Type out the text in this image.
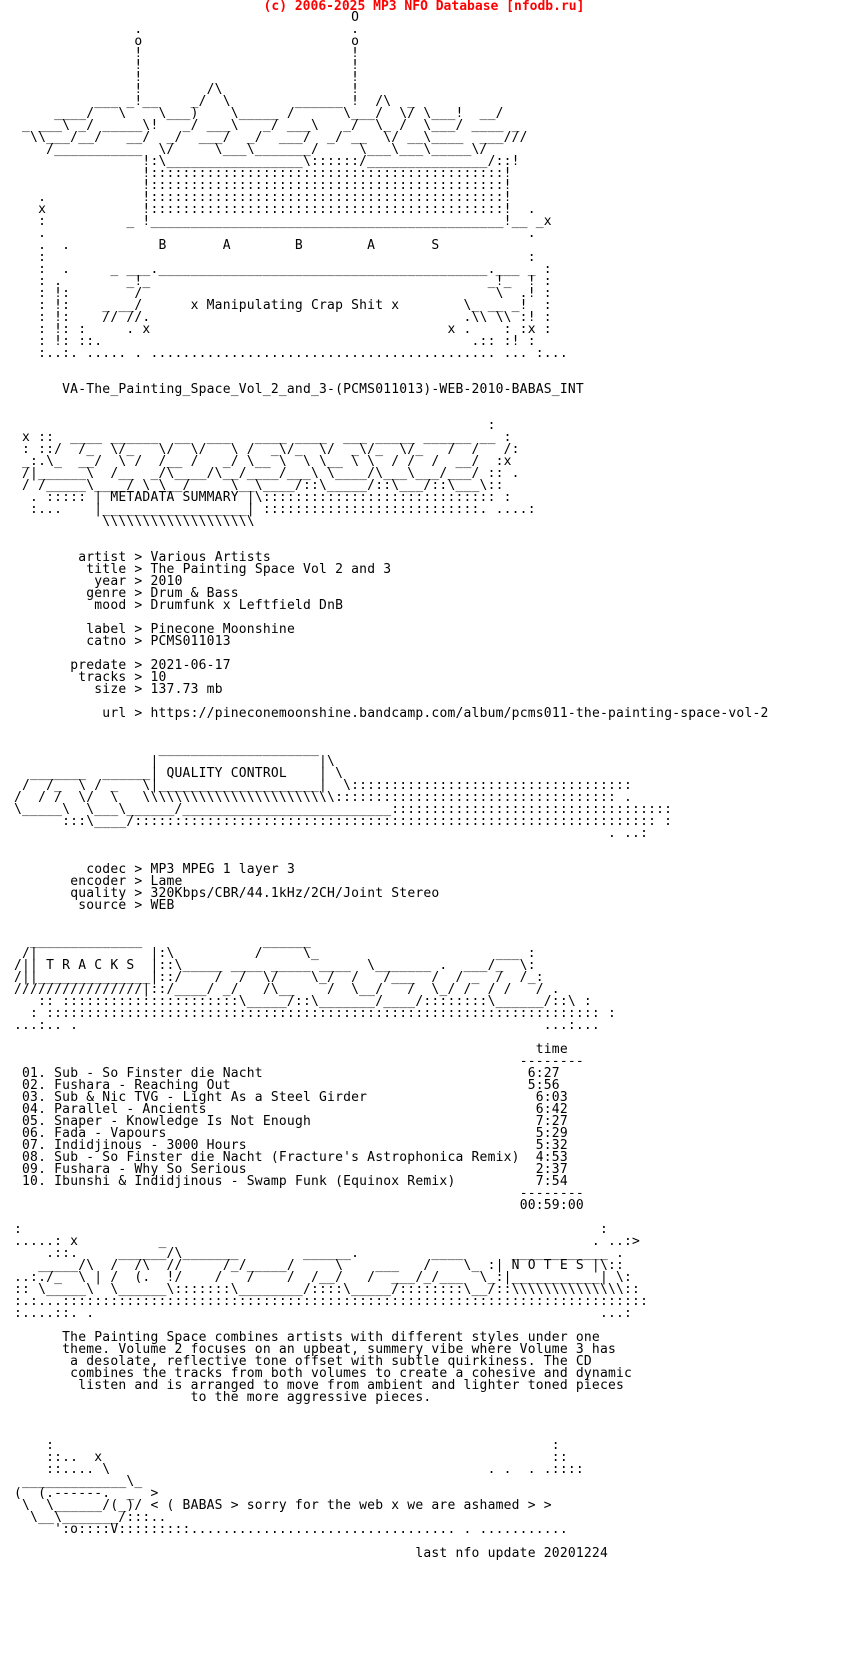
(c) 2006-2025 MP3 NFO Database [nfodb.ru]
O
.                          .
o                          o
!                          !
!                          !
!                          !
!        /\                !
___ _!__    _/  \        ______ !  /\  _
____/   \    \___)    \_____ /      \___/  \/ \___!  __/
_ ___\ _/ _____\!   _/ ___\   _/ ___\   _/  \_ /  \___/ ____ _
\\___/__/   __/  _/  ___/  _/  ___/  _/ __  \/ __\____  ___///
/___________  \/     \___\_______/     \___\___\_____\/
!:\_________________\::::::/_______________/::!
!::::::::::::::::::::::::::::::::::::::::::::!
!::::::::::::::::::::::::::::::::::::::::::::!
.            !::::::::::::::::::::::::::::::::::::::::::::!
x            !::::::::::::::::::::::::::::::::::::::::::::!  .
:          _ !____________________________________________!__ _x
.                                                            .
.  .           B       A        B        A       S
:                                                            :
:  .     _ ___._________________________________________.___ _ :
: .        _!_                                          _!_  ! :
: !:        /                                            \  .! :
: !:    _ __/      x Manipulating Crap Shit x        \_ __ _!  :
: !:    // //.                                       .\\ \\ :! :
: !: :     . x                                     x .    : :x :
: !: ::.                                              .:: :! :
:..:. ..... . ........................................... ... :...

VA-The_Painting_Space_Vol_2_and_3-(PCMS011013)-WEB-2010-BABAS_INT

:
x ::  ____ ______  __  ___   ____ ____  ___ _____ ______ __ :
: ::/  /_  \/_   \/  \/   \ /  _\/_  \/  _\/_  \/_   /  /   /:
_:.\_  __/  \ /  /__ /   _/ \__ \  \ \__ \ \  / /  /  __/  :x
/|______\  /__  _/\____/\__/____/___\ \____/\___\___/___/ :: .
/ /_____\____/ \ \__/     \__\____/::\_____/::\___/::\___\::
. ::::: | METADATA SUMMARY |\::::::::::::::::::::::::::::: :
:...    |__________________| :::::::::::::::::::::::::::. ....:
\\\\\\\\\\\\\\\\\\\

artist > Various Artists
title > The Painting Space Vol 2 and 3
year > 2010
genre > Drum & Bass
mood > Drumfunk x Leftfield DnB

label > Pinecone Moonshine
catno > PCMS011013

predate > 2021-06-17
tracks > 10
size > 137.73 mb

url > https://pineconemoonshine.bandcamp.com/album/pcms011-the-painting-space-vol-2

____________________
|                    |\
_______  ______| QUALITY CONTROL    | \
/  /_  \ / _   \|____________________|  \:::::::::::::::::::::::::::::::::::
/  / /  \/  \   \\\\\\\\\\\\\\\\\\\\\\\\::::::::::::::::::::::::::::::::::: .
\_____\  \___\______/__________________________:::::::::::::::::::::::::::::::::::
:::\____/::::::::::::::::::::::::::::::::::::::::::::::::::::::::::::::::: :
. ..:

codec > MP3 MPEG 1 layer 3
encoder > Lame
quality > 320Kbps/CBR/44.1kHz/2CH/Joint Stereo
source > WEB

______________               ______
/|              |:\          /     \_                      ___ :
/|| T R A C K S  |::\_____ ____ _____ ____  \_______ .  ___/_  \:
/||______________|::/    /  /  \/    \_/  /   /___  /  / _  /  /_:
////////////////|::/____/ _/   /\__    /  \__/   /  \_/ /  / /   / .
:: ::::::::::::::::::::::\_____/::\_______/____/::::::::\______/::\ :
: ::::::::::::::::::::::::::::::::::::::::::::::::::::::::::::::::::::: :
...:.. .                                                          ...:...

time
--------
01. Sub - So Finster die Nacht                                 6:27
02. Fushara - Reaching Out                                     5:56
03. Sub & Nic TVG - Light As a Steel Girder                     6:03
04. Parallel - Ancients                                         6:42
05. Snaper - Knowledge Is Not Enough                            7:27
06. Fada - Vapours                                              5:29
07. Indidjinous - 3000 Hours                                    5:32
08. Sub - So Finster die Nacht (Fracture's Astrophonica Remix)  4:53
09. Fushara - Why So Serious                                    2:37
10. Ibunshi & Indidjinous - Swamp Funk (Equinox Remix)          7:54
--------
00:59:00

:                                                                        :
.....: x          _                                                     . ..:>
.::.     ______/\_______        ______.         ____      ____________ .
_____/\  /  /\  //     /_/_____/     \    ___   /    \_ :| N O T E S |\::
..:./_  \ | /  (.  !/    /   /    /  /__/   /  ___/_/___  \_:|___________| \:
:: \_____\  \______\:::::::\________/::::\_____/::::::::\__/::\\\\\\\\\\\\\\::
:.:...:::::::::::::::::::::::::::::::::::::::::::::::::::::::::::::::::::::::::
:....::. .                                                               ...:

The Painting Space combines artists with different styles under one
theme. Volume 2 focuses on an upbeat, summery vibe where Volume 3 has
a desolate, reflective tone offset with subtle quirkiness. The CD
combines the tracks from both volumes to create a cohesive and dynamic
listen and is arranged to move from ambient and lighter toned pieces
to the more aggressive pieces.

:                                                              :
::..  x                                                        ::
::.... \                                               . .  . .::::
_____________\_
(  (.------.  _  >
\  \______/(_)/ < ( BABAS > sorry for the web x we are ashamed > >
\__\_______/:::..
':o::::V:::::::::................................. . ...........

last nfo update 20201224
